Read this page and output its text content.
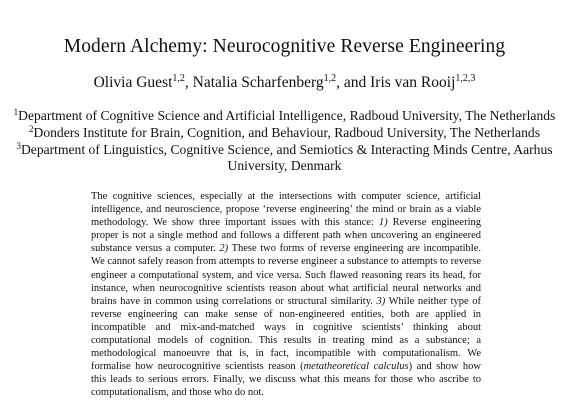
Modern Alchemy: Neurocognitive Reverse Engineering
Olivia Guest$^{1,2}$, Natalia Scharfenberg$^{1,2}$, and Iris van Rooij$^{1,2,3}$
$^1$Department of Cognitive Science and Artificial Intelligence, Radboud University, The Netherlands
$^2$Donders Institute for Brain, Cognition, and Behaviour, Radboud University, The Netherlands
$^3$Department of Linguistics, Cognitive Science, and Semiotics & Interacting Minds Centre, Aarhus University, Denmark
The cognitive sciences, especially at the intersections with computer science, artificial intelligence, and neuroscience, propose ‘reverse engineering’ the mind or brain as a viable methodology. We show three important issues with this stance: 1) Reverse engineering proper is not a single method and follows a different path when uncovering an engineered substance versus a computer. 2) These two forms of reverse engineering are incompatible. We cannot safely reason from attempts to reverse engineer a substance to attempts to reverse engineer a computational system, and vice versa. Such flawed reasoning rears its head, for instance, when neurocognitive scientists reason about what artificial neural networks and brains have in common using correlations or structural similarity. 3) While neither type of reverse engineering can make sense of non-engineered entities, both are applied in incompatible and mix-and-matched ways in cognitive scientists’ thinking about computational models of cognition. This results in treating mind as a substance; a methodological manoeuvre that is, in fact, incompatible with computationalism. We formalise how neurocognitive scientists reason (metatheoretical calculus) and show how this leads to serious errors. Finally, we discuss what this means for those who ascribe to computationalism, and those who do not.
